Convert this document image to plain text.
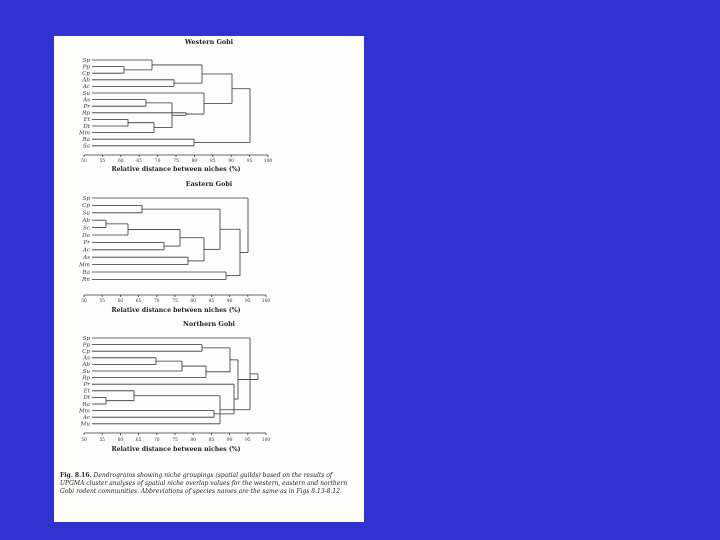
Western Gobi
Sp
Pp
Cp
Ab
Ac
Su
As
Pr
Rp
Et
Dt
Mm
Ra
Sa
50	55	60	65	70	75	80	85	90	95	100
Relative distance between niches (%)
Eastern Gobi
Sp
Cp
Su
Ab
Sc
Da
Pr
Ac
As
Mm
Ra
Rn
50	55	60	65	70	75	80	85	90	95	100
Relative distance between niches (%)
Northern Gobi
Sp
Pp
Cp
As
Ab
Su
Rp
Pr
Et
Dt
Ra
Mm
Ac
Mu
50	55	60	65	70	75	80	85	90	95	100
Relative distance between niches (%)
Fig. 8.16. Dendrograms showing niche groupings (spatial guilds) based on the results of UPGMA cluster analyses of spatial niche overlap values for the western, eastern and northern Gobi rodent communities. Abbreviations of species names are the same as in Figs 8.13-8.12.
